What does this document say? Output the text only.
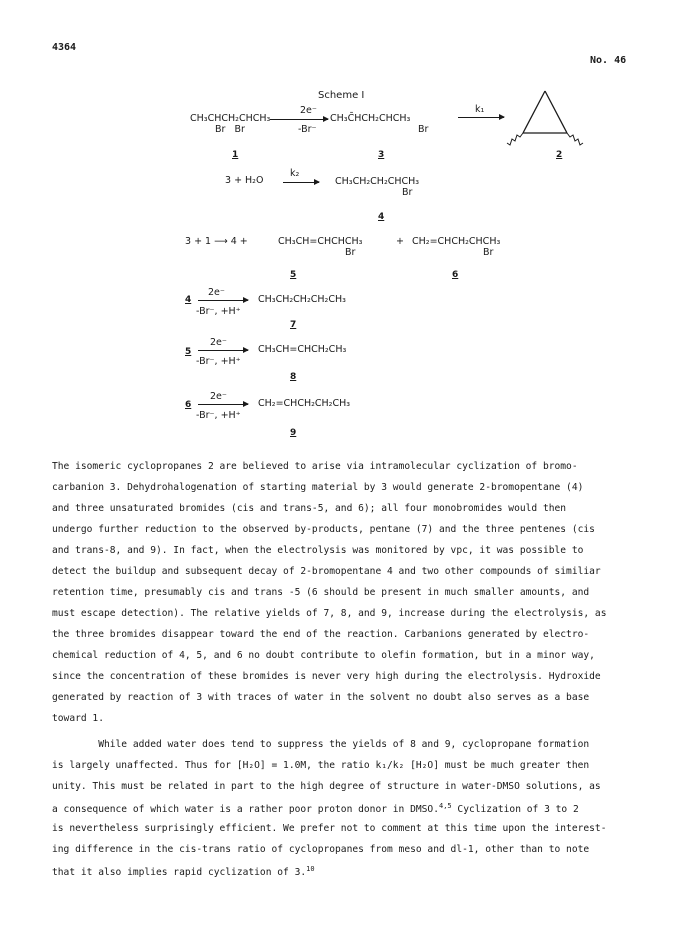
4364
No. 46
Scheme I
CH₃CHCH₂CHCH₃
Br   Br
2e⁻
-Br⁻
CH₃C̄HCH₂CHCH₃
Br
k₁
2
1	3
3 + H₂O
k₂
CH₃CH₂CH₂CHCH₃
Br
4
3 + 1 ⟶ 4 +	CH₃CH=CHCHCH₃
Br
+ CH₂=CHCH₂CHCH₃
Br
5	6
4
2e⁻
-Br⁻, +H⁺
CH₃CH₂CH₂CH₂CH₃
7
5
2e⁻
-Br⁻, +H⁺
CH₃CH=CHCH₂CH₃
8
6
2e⁻
-Br⁻, +H⁺
CH₂=CHCH₂CH₂CH₃
9
The isomeric cyclopropanes 2 are believed to arise via intramolecular cyclization of bromo-
carbanion 3. Dehydrohalogenation of starting material by 3 would generate 2-bromopentane (4)
and three unsaturated bromides (cis and trans-5, and 6); all four monobromides would then
undergo further reduction to the observed by-products, pentane (7) and the three pentenes (cis
and trans-8, and 9). In fact, when the electrolysis was monitored by vpc, it was possible to
detect the buildup and subsequent decay of 2-bromopentane 4 and two other compounds of similiar
retention time, presumably cis and trans -5 (6 should be present in much smaller amounts, and
must escape detection). The relative yields of 7, 8, and 9, increase during the electrolysis, as
the three bromides disappear toward the end of the reaction. Carbanions generated by electro-
chemical reduction of 4, 5, and 6 no doubt contribute to olefin formation, but in a minor way,
since the concentration of these bromides is never very high during the electrolysis. Hydroxide
generated by reaction of 3 with traces of water in the solvent no doubt also serves as a base
toward 1.
While added water does tend to suppress the yields of 8 and 9, cyclopropane formation
is largely unaffected. Thus for [H₂O] = 1.0M, the ratio k₁/k₂ [H₂O] must be much greater then
unity. This must be related in part to the high degree of structure in water-DMSO solutions, as
a consequence of which water is a rather poor proton donor in DMSO.$^{4,5}$ Cyclization of 3 to 2
is nevertheless surprisingly efficient. We prefer not to comment at this time upon the interest-
ing difference in the cis-trans ratio of cyclopropanes from meso and dl-1, other than to note
that it also implies rapid cyclization of 3.10
